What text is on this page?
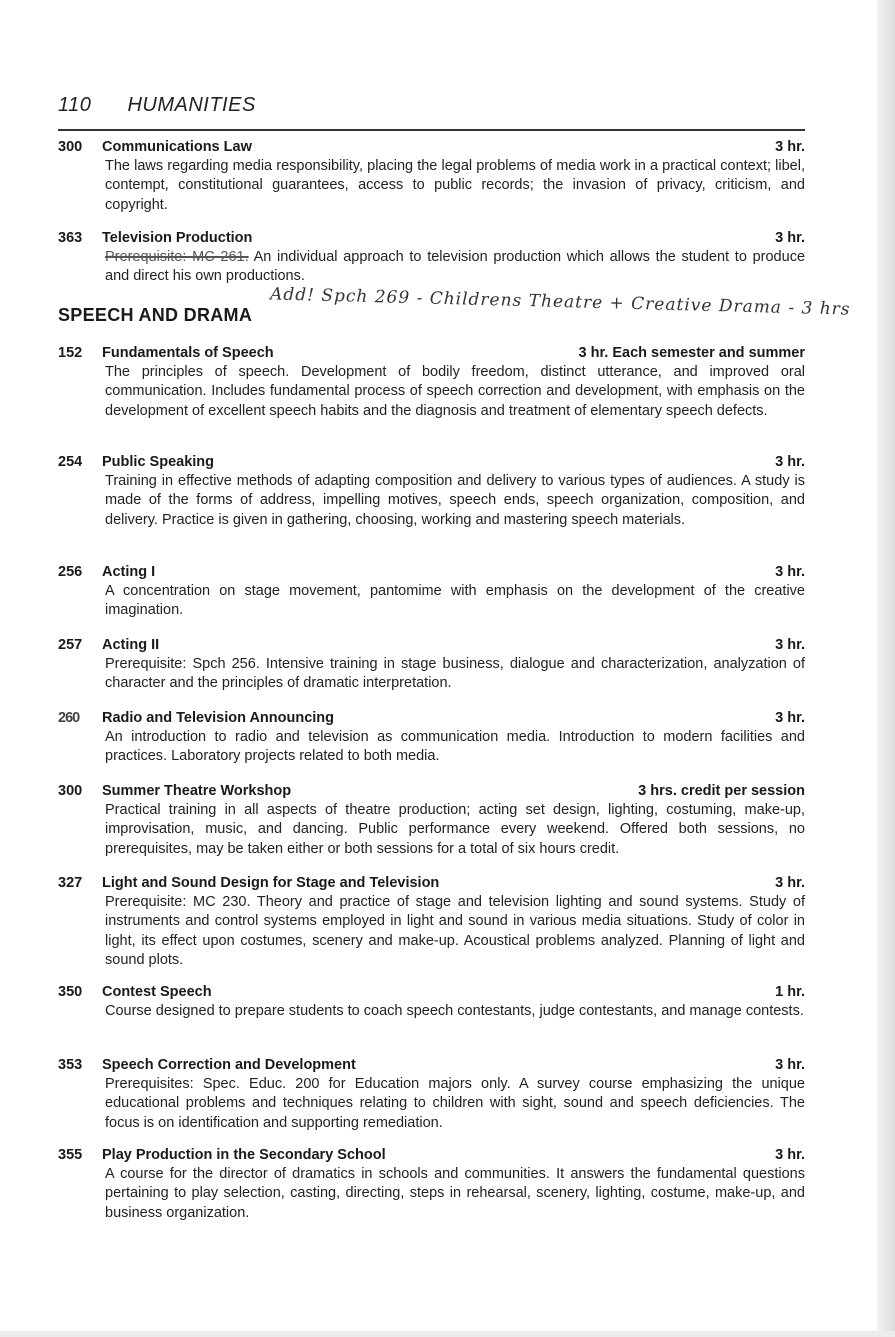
110 HUMANITIES
300	Communications Law	3 hr.
The laws regarding media responsibility, placing the legal problems of media work in a practical context; libel, contempt, constitutional guarantees, access to public records; the invasion of privacy, criticism, and copyright.
363	Television Production	3 hr.
Prerequisite: MC 261. An individual approach to television production which allows the student to produce and direct his own productions.
SPEECH AND DRAMA Add! Spch 269 - Childrens Theatre + Creative Drama - 3 hrs
152	Fundamentals of Speech	3 hr. Each semester and summer
The principles of speech. Development of bodily freedom, distinct utterance, and improved oral communication. Includes fundamental process of speech correction and development, with emphasis on the development of excellent speech habits and the diagnosis and treatment of elementary speech defects.
254	Public Speaking	3 hr.
Training in effective methods of adapting composition and delivery to various types of audiences. A study is made of the forms of address, impelling motives, speech ends, speech organization, composition, and delivery. Practice is given in gathering, choosing, working and mastering speech materials.
256	Acting I	3 hr.
A concentration on stage movement, pantomime with emphasis on the development of the creative imagination.
257	Acting II	3 hr.
Prerequisite: Spch 256. Intensive training in stage business, dialogue and characterization, analyzation of character and the principles of dramatic interpretation.
260	Radio and Television Announcing	3 hr.
An introduction to radio and television as communication media. Introduction to modern facilities and practices. Laboratory projects related to both media.
300	Summer Theatre Workshop	3 hrs. credit per session
Practical training in all aspects of theatre production; acting set design, lighting, costuming, make-up, improvisation, music, and dancing. Public performance every weekend. Offered both sessions, no prerequisites, may be taken either or both sessions for a total of six hours credit.
327	Light and Sound Design for Stage and Television	3 hr.
Prerequisite: MC 230. Theory and practice of stage and television lighting and sound systems. Study of instruments and control systems employed in light and sound in various media situations. Study of color in light, its effect upon costumes, scenery and make-up. Acoustical problems analyzed. Planning of light and sound plots.
350	Contest Speech	1 hr.
Course designed to prepare students to coach speech contestants, judge contestants, and manage contests.
353	Speech Correction and Development	3 hr.
Prerequisites: Spec. Educ. 200 for Education majors only. A survey course emphasizing the unique educational problems and techniques relating to children with sight, sound and speech deficiencies. The focus is on identification and supporting remediation.
355	Play Production in the Secondary School	3 hr.
A course for the director of dramatics in schools and communities. It answers the fundamental questions pertaining to play selection, casting, directing, steps in rehearsal, scenery, lighting, costume, make-up, and business organization.
